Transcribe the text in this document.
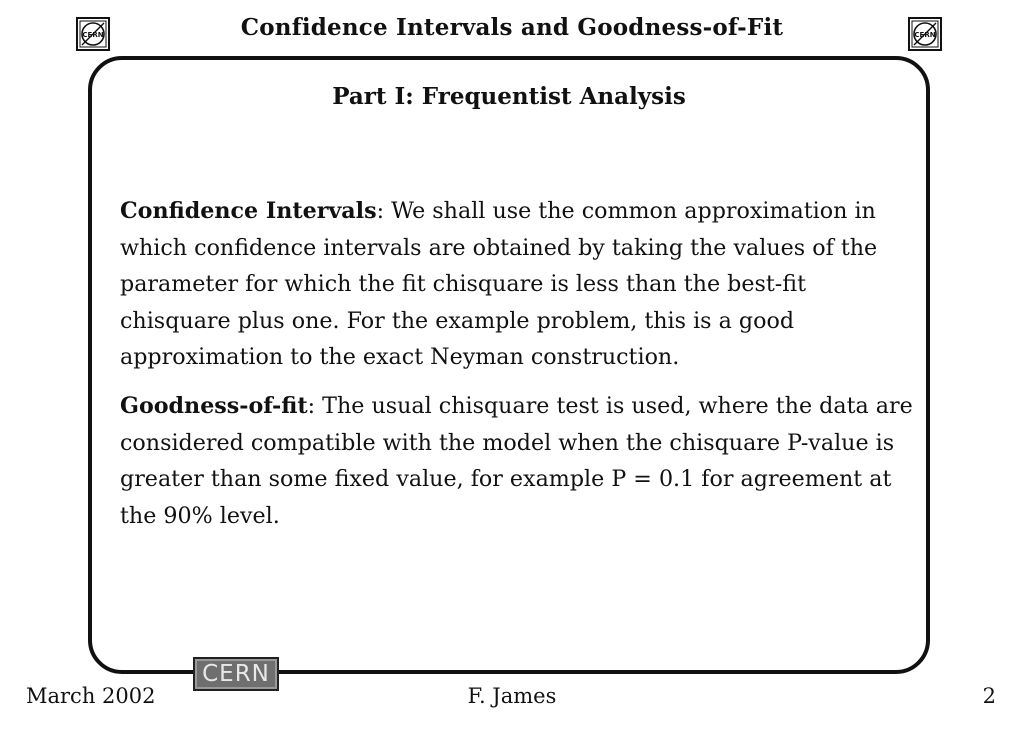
CERN	Confidence Intervals and Goodness-of-Fit	CERN
Part I: Frequentist Analysis

Confidence Intervals: We shall use the common approximation in which confidence intervals are obtained by taking the values of the parameter for which the fit chisquare is less than the best-fit chisquare plus one. For the example problem, this is a good approximation to the exact Neyman construction.

Goodness-of-fit: The usual chisquare test is used, where the data are considered compatible with the model when the chisquare P-value is greater than some fixed value, for example P = 0.1 for agreement at the 90% level.

CERN
March 2002	F. James	2
